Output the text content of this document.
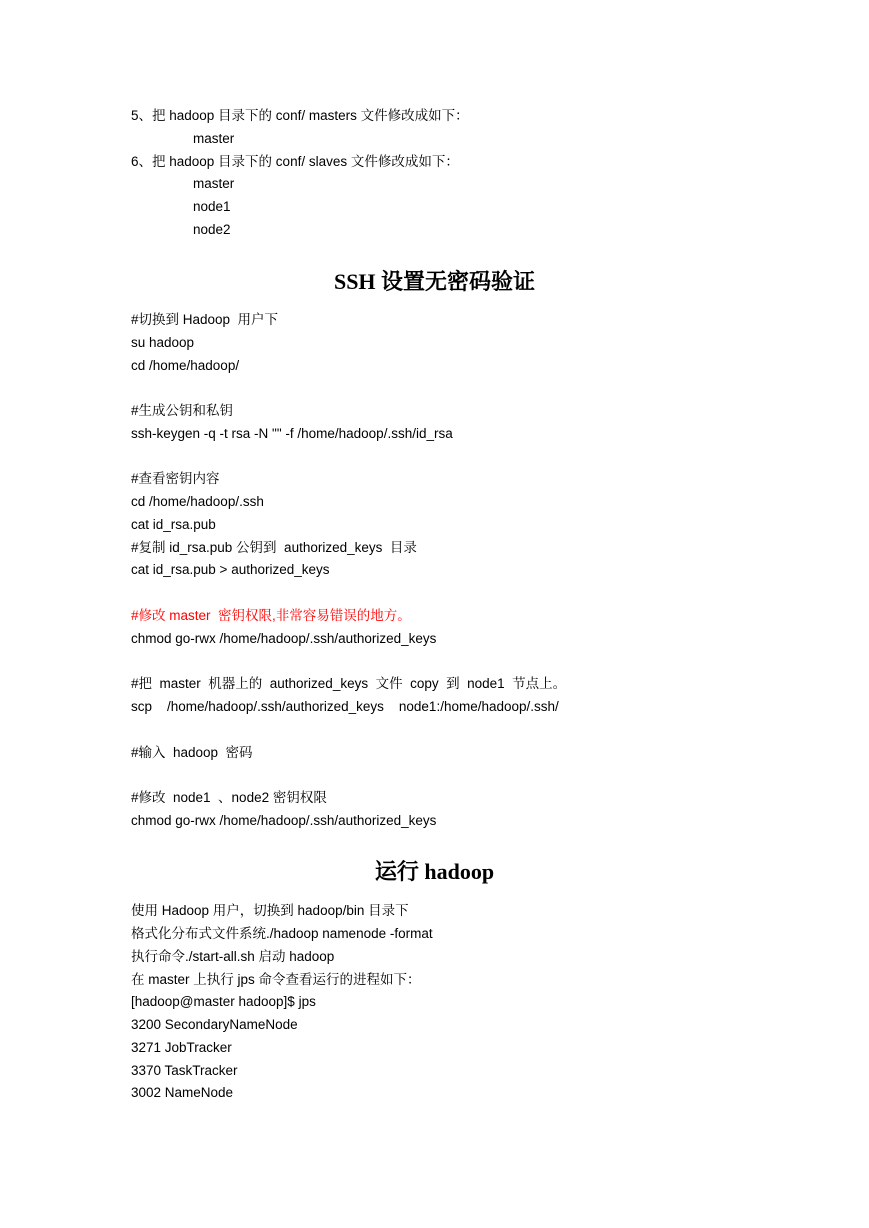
5、把 hadoop 目录下的 conf/ masters 文件修改成如下：
master
6、把 hadoop 目录下的 conf/ slaves 文件修改成如下：
master
node1
node2
SSH 设置无密码验证
#切换到 Hadoop  用户下
su hadoop
cd /home/hadoop/
#生成公钥和私钥
ssh-keygen -q -t rsa -N "" -f /home/hadoop/.ssh/id_rsa
#查看密钥内容
cd /home/hadoop/.ssh
cat id_rsa.pub
#复制 id_rsa.pub 公钥到  authorized_keys  目录
cat id_rsa.pub > authorized_keys
#修改 master  密钥权限,非常容易错误的地方。
chmod go-rwx /home/hadoop/.ssh/authorized_keys
#把  master  机器上的  authorized_keys  文件  copy  到  node1  节点上。
scp    /home/hadoop/.ssh/authorized_keys    node1:/home/hadoop/.ssh/
#输入  hadoop  密码
#修改  node1  、node2 密钥权限
chmod go-rwx /home/hadoop/.ssh/authorized_keys
运行 hadoop
使用 Hadoop 用户，切换到 hadoop/bin 目录下
格式化分布式文件系统./hadoop namenode -format
执行命令./start-all.sh 启动 hadoop
在 master 上执行 jps 命令查看运行的进程如下：
[hadoop@master hadoop]$ jps
3200 SecondaryNameNode
3271 JobTracker
3370 TaskTracker
3002 NameNode
